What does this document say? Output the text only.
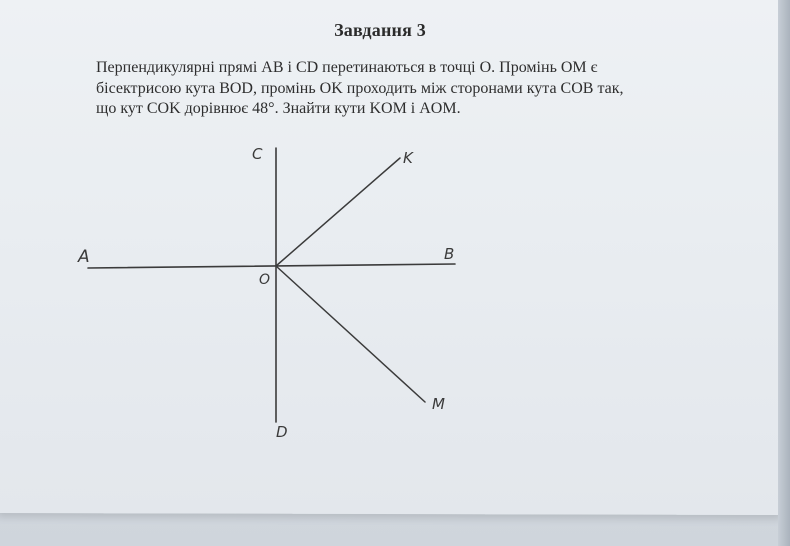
Завдання 3

Перпендикулярні прямі AB і CD перетинаються в точці O. Промінь OM є

бісектрисою кута BOD, промінь OK проходить між сторонами кута COB так,

що кут COK дорівнює 48°. Знайти кути KOM і AOM.

A	B
C
D
O
K
M
